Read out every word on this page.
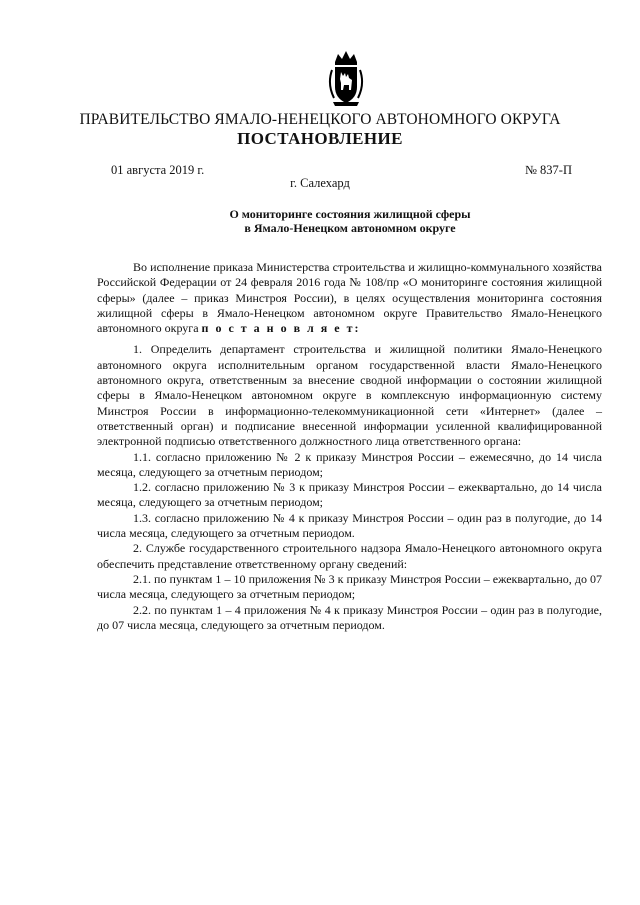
ПРАВИТЕЛЬСТВО ЯМАЛО-НЕНЕЦКОГО АВТОНОМНОГО ОКРУГА
ПОСТАНОВЛЕНИЕ
01 августа 2019 г.	№ 837-П
г. Салехард
О мониторинге состояния жилищной сферы
в Ямало-Ненецком автономном округе

Во исполнение приказа Министерства строительства и жилищно-коммунального хозяйства Российской Федерации от 24 февраля 2016 года № 108/пр «О мониторинге состояния жилищной сферы» (далее – приказ Минстроя России), в целях осуществления мониторинга состояния жилищной сферы в Ямало-Ненецком автономном округе Правительство Ямало-Ненецкого автономного округа п о с т а н о в л я е т:

1. Определить департамент строительства и жилищной политики Ямало-Ненецкого автономного округа исполнительным органом государственной власти Ямало-Ненецкого автономного округа, ответственным за внесение сводной информации о состоянии жилищной сферы в Ямало-Ненецком автономном округе в комплексную информационную систему Минстроя России в информационно-телекоммуникационной сети «Интернет» (далее – ответственный орган) и подписание внесенной информации усиленной квалифицированной электронной подписью ответственного должностного лица ответственного органа:

1.1. согласно приложению № 2 к приказу Минстроя России – ежемесячно, до 14 числа месяца, следующего за отчетным периодом;

1.2. согласно приложению № 3 к приказу Минстроя России – ежеквартально, до 14 числа месяца, следующего за отчетным периодом;

1.3. согласно приложению № 4 к приказу Минстроя России – один раз в полугодие, до 14 числа месяца, следующего за отчетным периодом.

2. Службе государственного строительного надзора Ямало-Ненецкого автономного округа обеспечить представление ответственному органу сведений:

2.1. по пунктам 1 – 10 приложения № 3 к приказу Минстроя России – ежеквартально, до 07 числа месяца, следующего за отчетным периодом;

2.2. по пунктам 1 – 4 приложения № 4 к приказу Минстроя России – один раз в полугодие, до 07 числа месяца, следующего за отчетным периодом.
